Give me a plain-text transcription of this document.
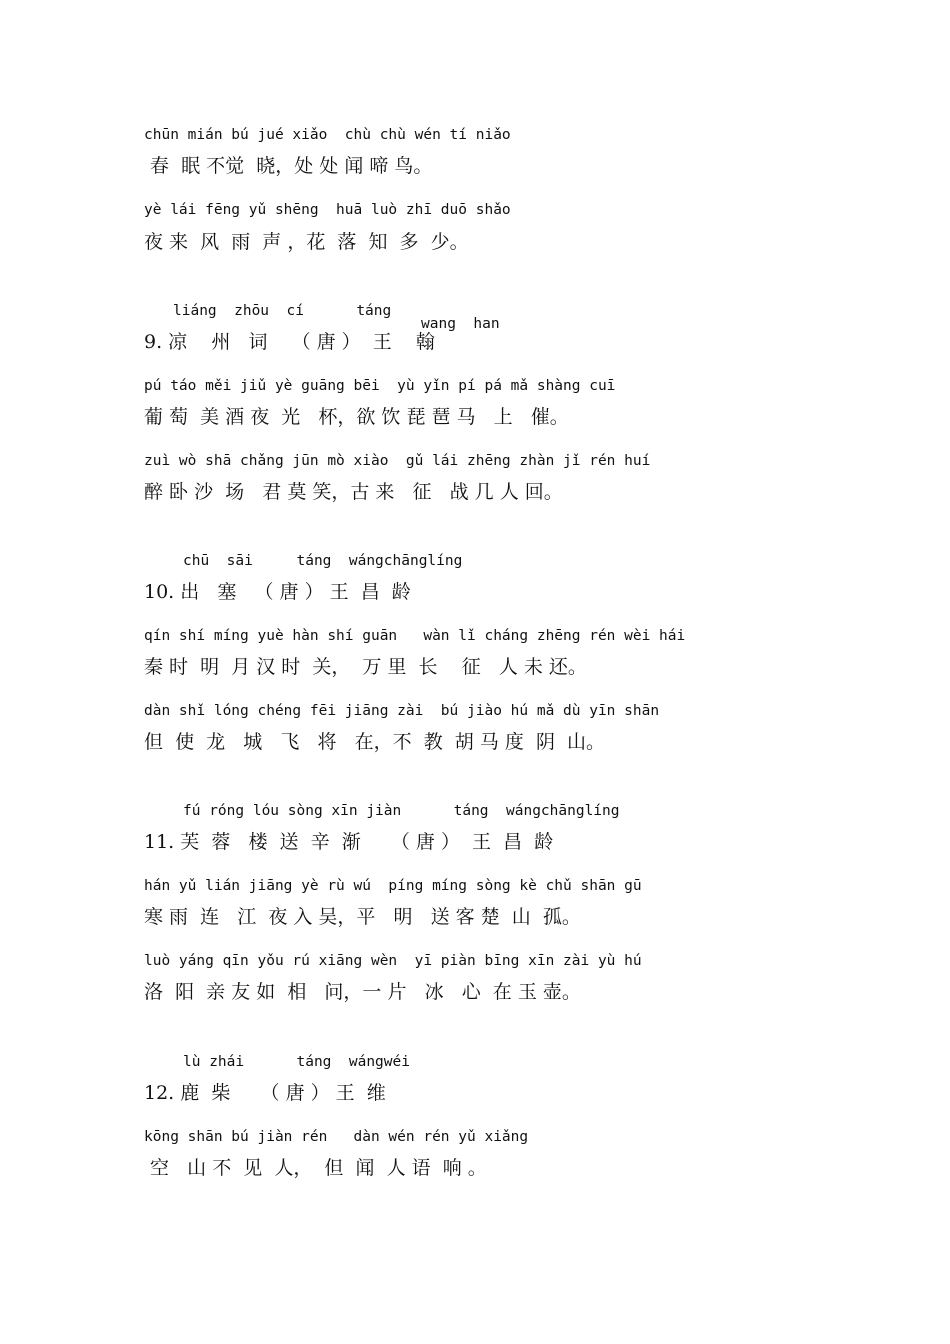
chūn mián bú jué xiǎo  chù chù wén tí niǎo
春  眠 不觉  晓，处 处 闻 啼 鸟。
yè lái fēng yǔ shēng  huā luò zhī duō shǎo
夜 来  风  雨  声 ，花  落  知  多  少。
liáng  zhōu  cí      táng
wang  han
9. 凉    州   词    （ 唐 ）  王    翰
pú táo měi jiǔ yè guāng bēi  yù yǐn pí pá mǎ shàng cuī
葡 萄  美 酒 夜  光   杯，欲 饮 琵 琶 马   上   催。
zuì wò shā chǎng jūn mò xiào  gǔ lái zhēng zhàn jǐ rén huí
醉 卧 沙  场   君 莫 笑，古 来   征   战 几 人 回。
chū  sāi     táng  wángchānglíng
10. 出   塞   （ 唐 ） 王  昌  龄
qín shí míng yuè hàn shí guān   wàn lǐ cháng zhēng rén wèi hái
秦 时  明  月 汉 时  关，  万 里  长    征   人 未 还。
dàn shǐ lóng chéng fēi jiāng zài  bú jiào hú mǎ dù yīn shān
但  使  龙   城   飞   将   在，不  教  胡 马 度  阴  山。
fú róng lóu sòng xīn jiàn      táng  wángchānglíng
11. 芙  蓉   楼  送  辛  渐     （ 唐 ）  王  昌  龄
hán yǔ lián jiāng yè rù wú  píng míng sòng kè chǔ shān gū
寒 雨  连   江  夜 入 吴，平   明   送 客 楚  山  孤。
luò yáng qīn yǒu rú xiāng wèn  yī piàn bīng xīn zài yù hú
洛  阳  亲 友 如  相   问，一 片   冰   心  在 玉 壶。
lù zhái      táng  wángwéi
12. 鹿  柴     （ 唐 ） 王  维
kōng shān bú jiàn rén   dàn wén rén yǔ xiǎng
空   山 不  见  人，  但  闻  人 语  响 。
